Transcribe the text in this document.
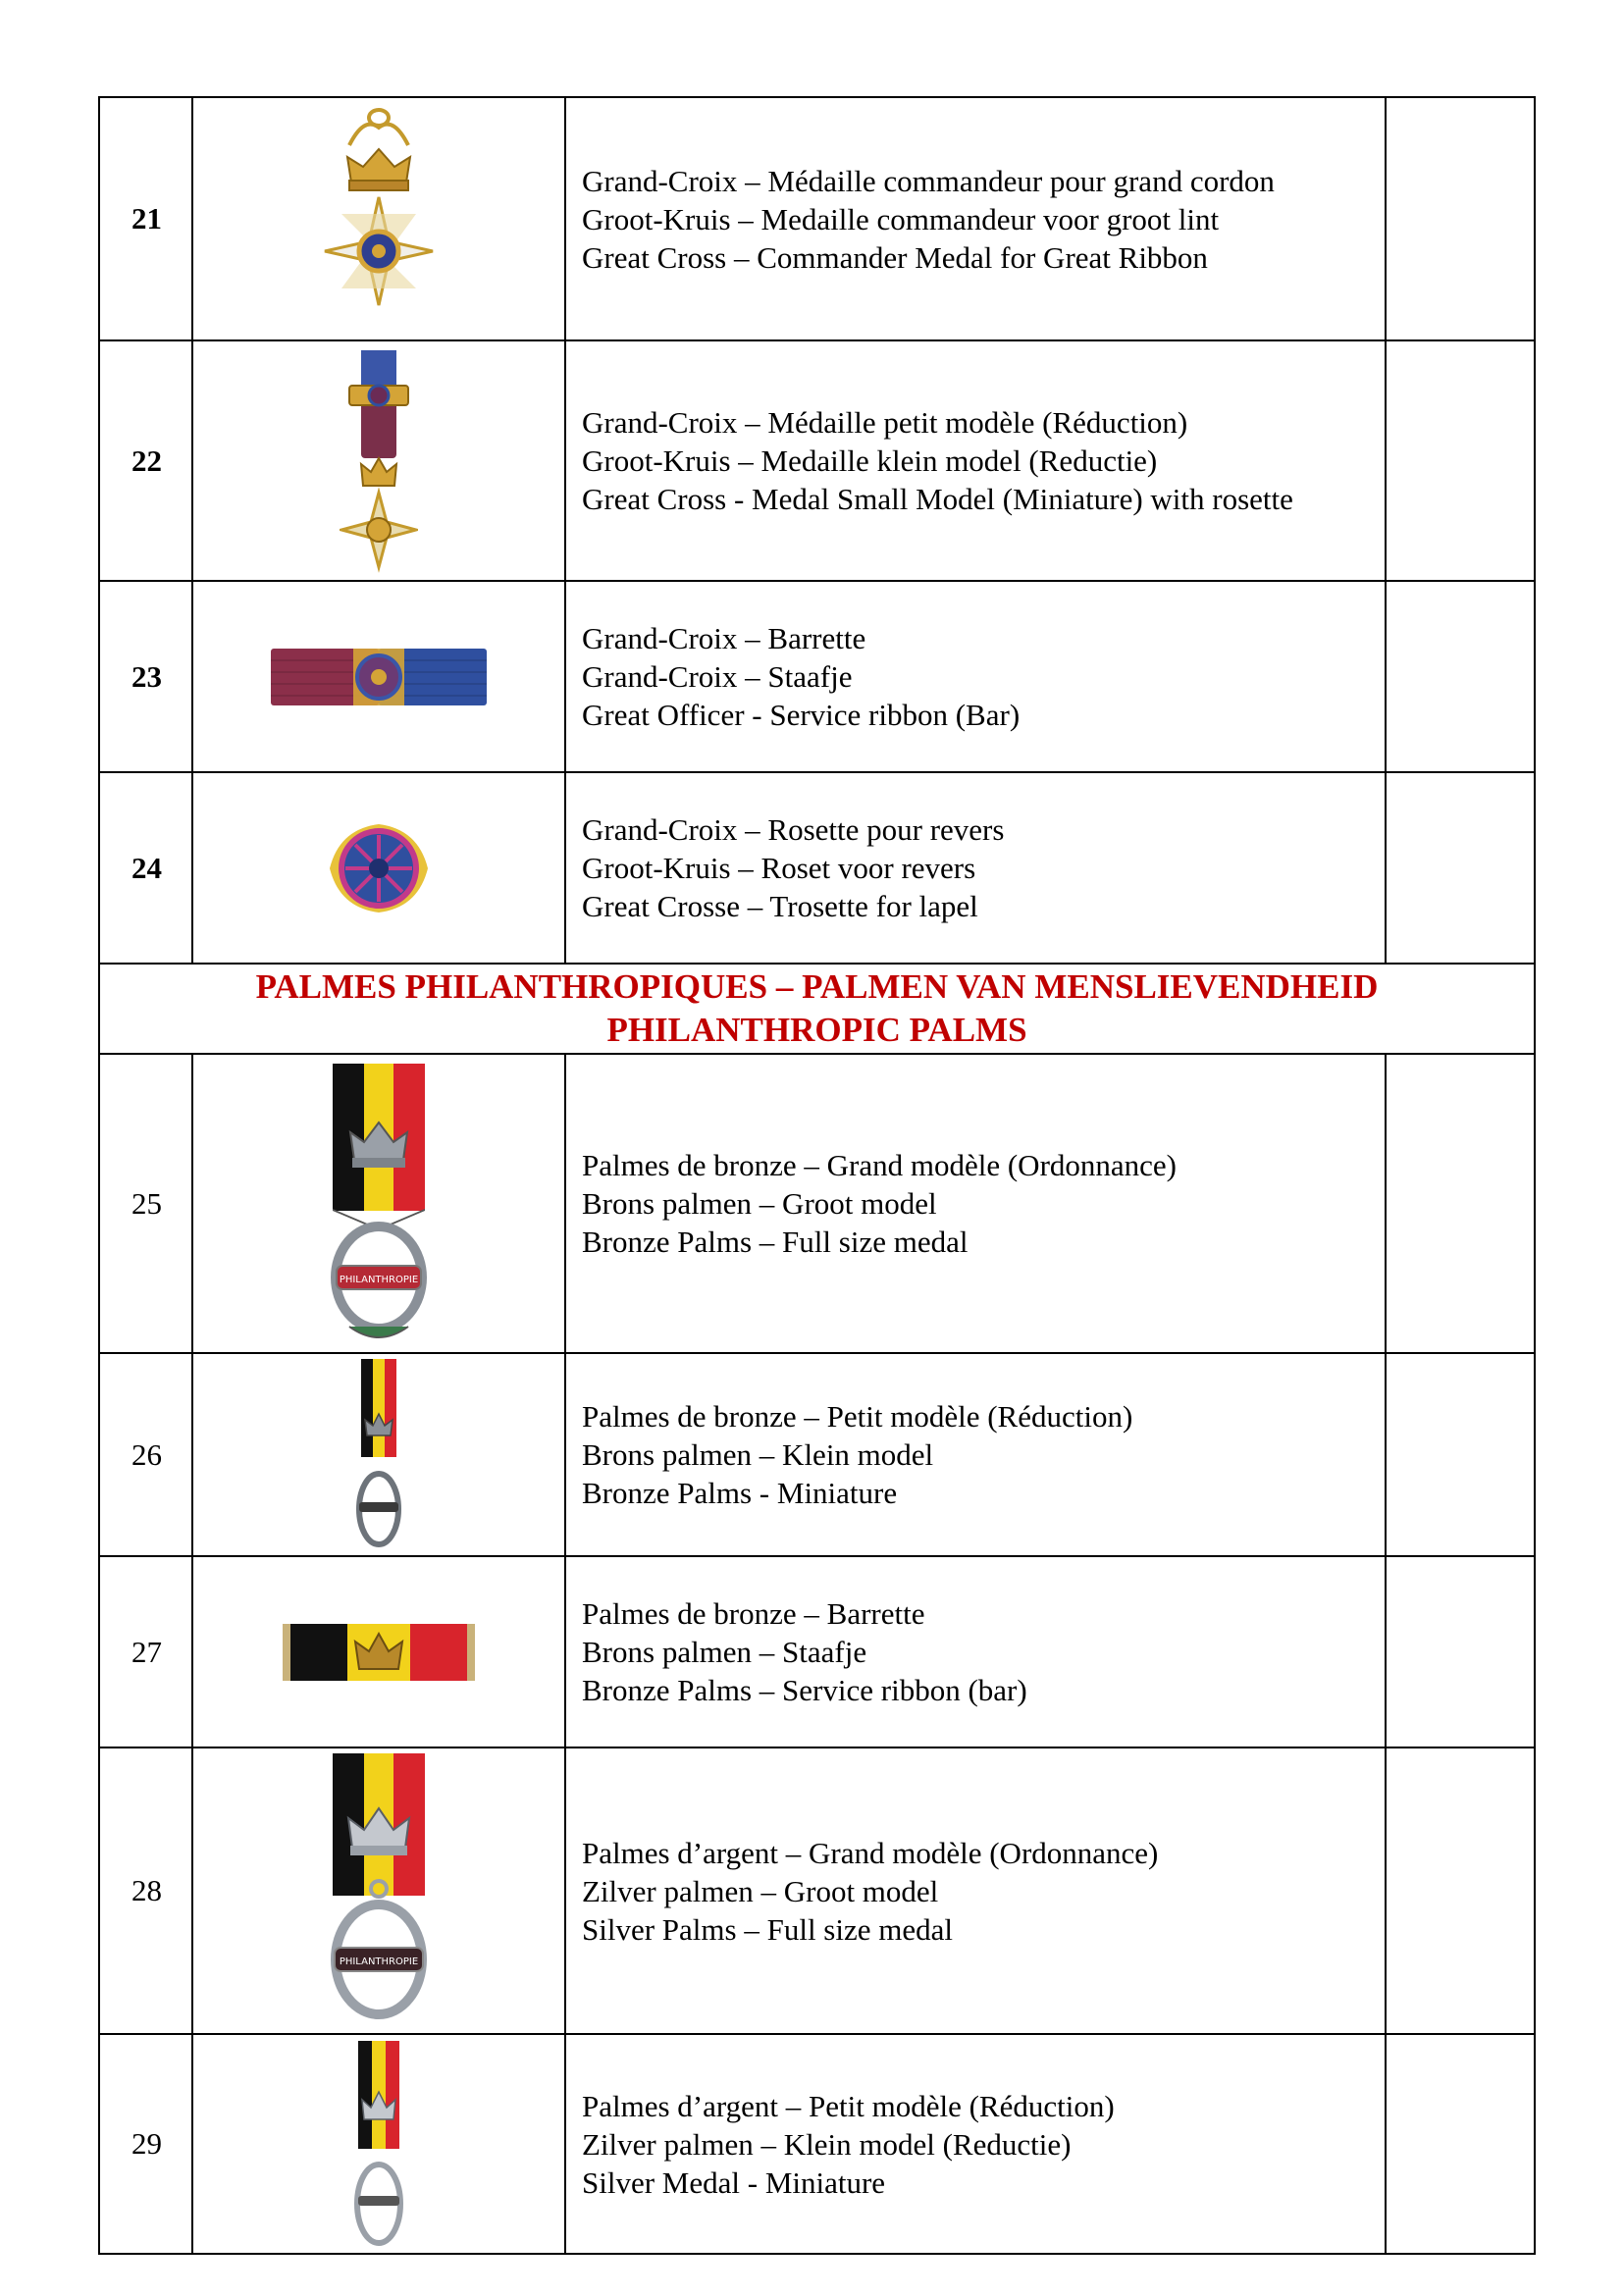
21
Grand-Croix – Médaille commandeur pour grand cordon
Groot-Kruis – Medaille commandeur voor groot lint
Great Cross – Commander Medal for Great Ribbon
22
Grand-Croix – Médaille petit modèle (Réduction)
Groot-Kruis – Medaille klein model (Reductie)
Great Cross - Medal Small Model (Miniature) with rosette
23
Grand-Croix – Barrette
Grand-Croix – Staafje
Great Officer - Service ribbon (Bar)
24
Grand-Croix – Rosette pour revers
Groot-Kruis – Roset voor revers
Great Crosse – Trosette for lapel
PALMES PHILANTHROPIQUES – PALMEN VAN MENSLIEVENDHEID
PHILANTHROPIC PALMS
25
PHILANTHROPIE
Palmes de bronze – Grand modèle (Ordonnance)
Brons palmen – Groot model
Bronze Palms – Full size medal
26
Palmes de bronze – Petit modèle (Réduction)
Brons palmen – Klein model
Bronze Palms - Miniature
27
Palmes de bronze – Barrette
Brons palmen – Staafje
Bronze Palms – Service ribbon (bar)
28
PHILANTHROPIE
Palmes d’argent – Grand modèle (Ordonnance)
Zilver palmen – Groot model
Silver Palms – Full size medal
29
Palmes d’argent – Petit modèle (Réduction)
Zilver palmen – Klein model (Reductie)
Silver Medal - Miniature
